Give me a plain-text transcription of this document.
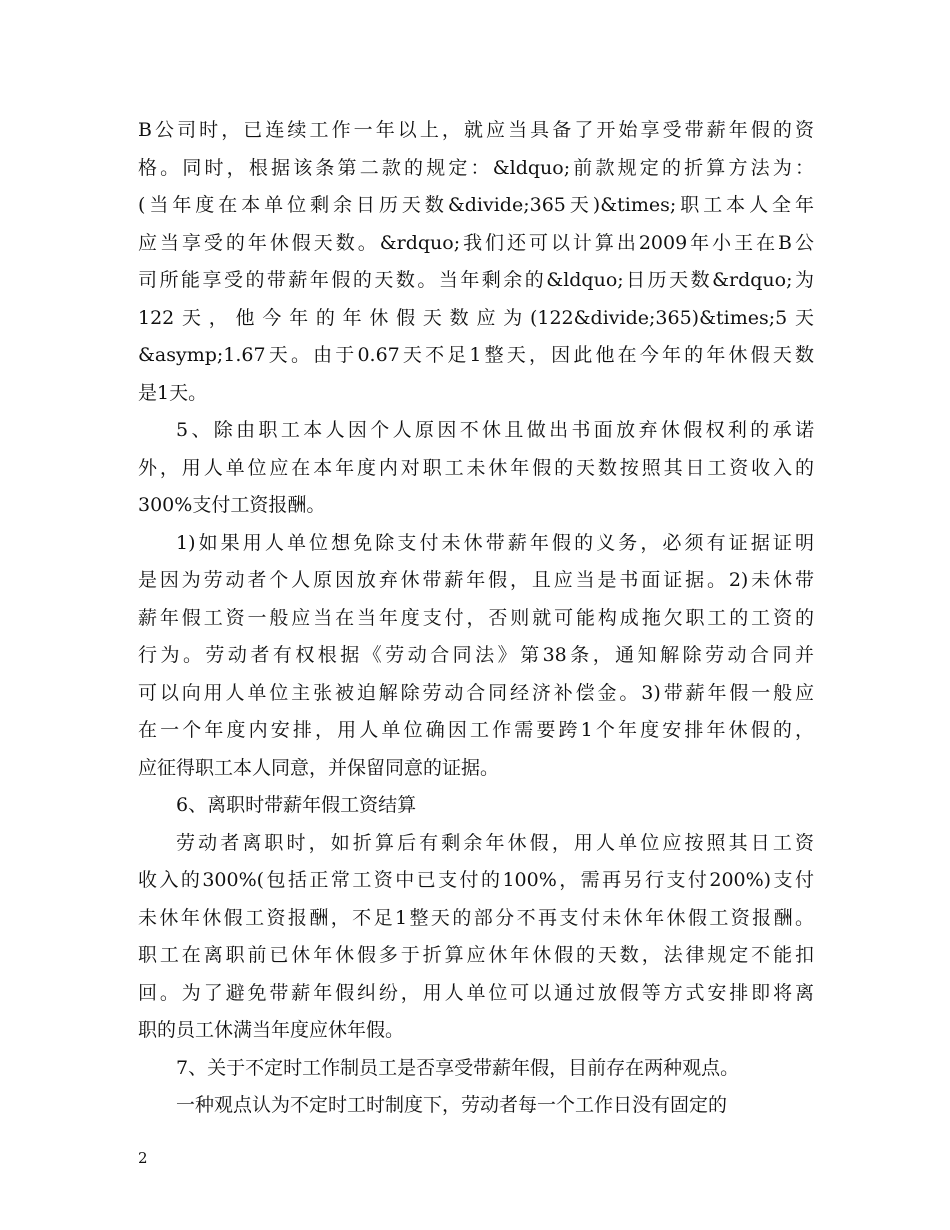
B公司时，已连续工作一年以上，就应当具备了开始享受带薪年假的资
格。同时，根据该条第二款的规定：&ldquo;前款规定的折算方法为：
(当年度在本单位剩余日历天数&divide;365天)&times;职工本人全年
应当享受的年休假天数。&rdquo;我们还可以计算出2009年小王在B公
司所能享受的带薪年假的天数。当年剩余的&ldquo;日历天数&rdquo;为
122天，他今年的年休假天数应为(122&divide;365)&times;5天
&asymp;1.67天。由于0.67天不足1整天，因此他在今年的年休假天数
是1天。
5、除由职工本人因个人原因不休且做出书面放弃休假权利的承诺
外，用人单位应在本年度内对职工未休年假的天数按照其日工资收入的
300%支付工资报酬。
1)如果用人单位想免除支付未休带薪年假的义务，必须有证据证明
是因为劳动者个人原因放弃休带薪年假，且应当是书面证据。2)未休带
薪年假工资一般应当在当年度支付，否则就可能构成拖欠职工的工资的
行为。劳动者有权根据《劳动合同法》第38条，通知解除劳动合同并
可以向用人单位主张被迫解除劳动合同经济补偿金。3)带薪年假一般应
在一个年度内安排，用人单位确因工作需要跨1个年度安排年休假的，
应征得职工本人同意，并保留同意的证据。
6、离职时带薪年假工资结算
劳动者离职时，如折算后有剩余年休假，用人单位应按照其日工资
收入的300%(包括正常工资中已支付的100%，需再另行支付200%)支付
未休年休假工资报酬，不足1整天的部分不再支付未休年休假工资报酬。
职工在离职前已休年休假多于折算应休年休假的天数，法律规定不能扣
回。为了避免带薪年假纠纷，用人单位可以通过放假等方式安排即将离
职的员工休满当年度应休年假。
7、关于不定时工作制员工是否享受带薪年假，目前存在两种观点。
一种观点认为不定时工时制度下，劳动者每一个工作日没有固定的
2
